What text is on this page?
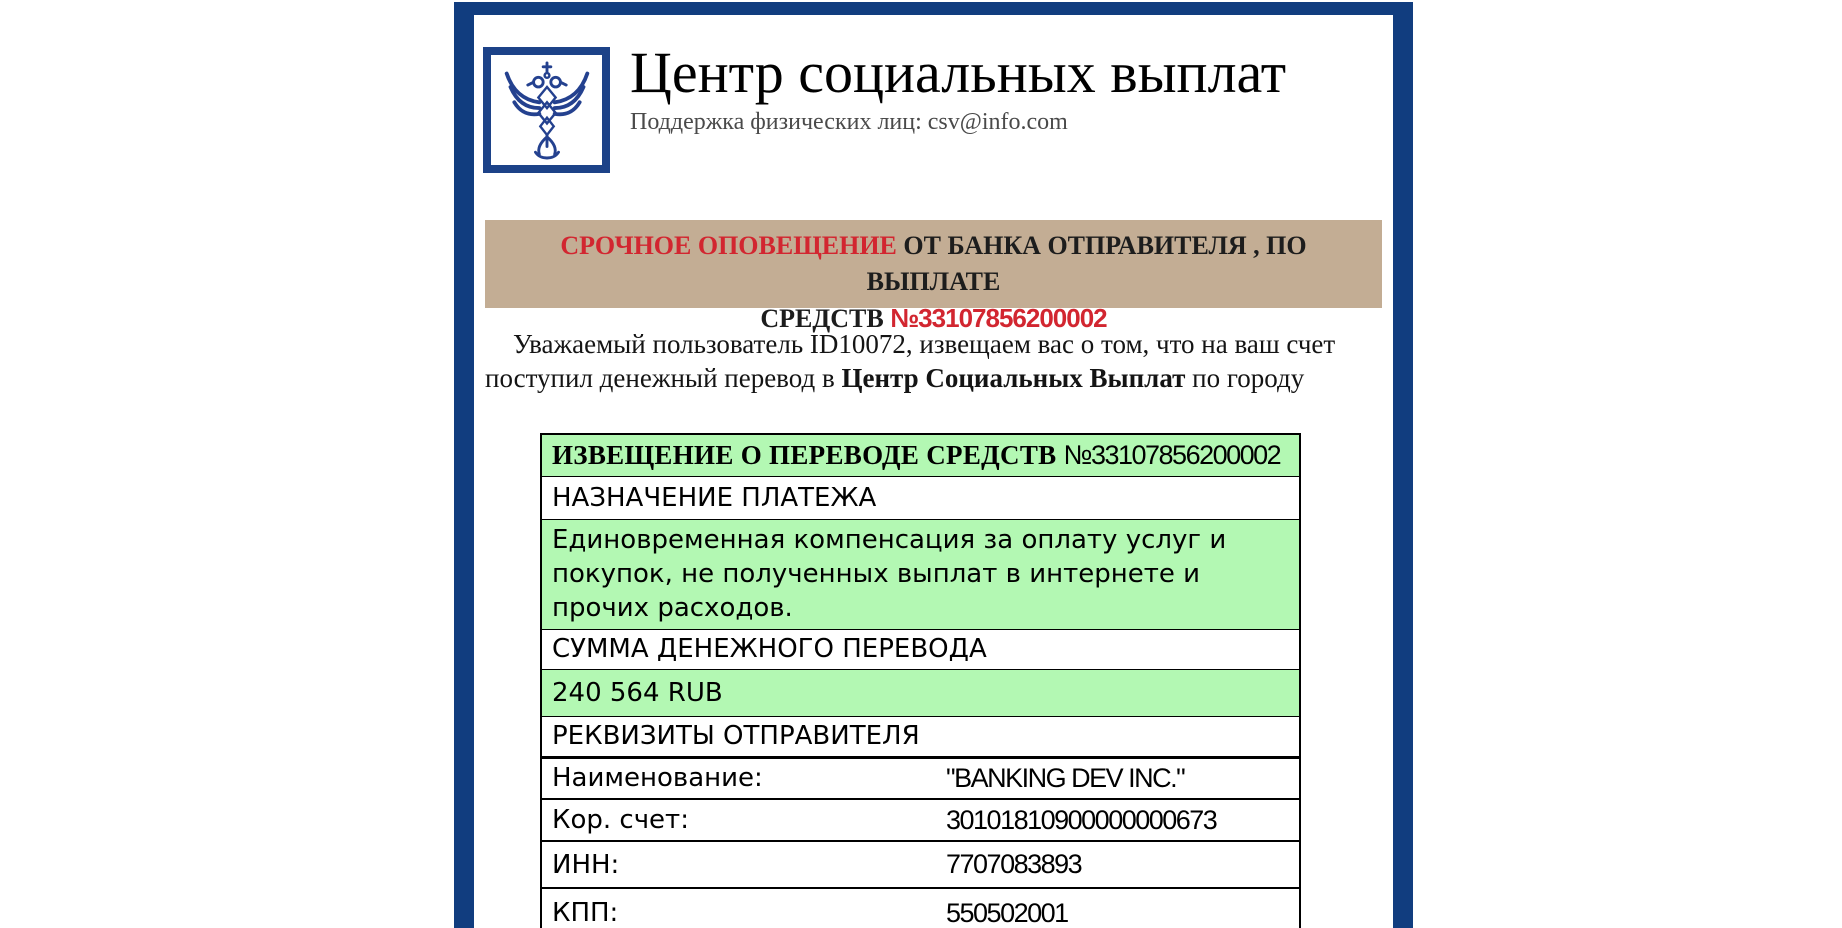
Центр социальных выплат
Поддержка физических лиц: csv@info.com
СРОЧНОЕ ОПОВЕЩЕНИЕ ОТ БАНКА ОТПРАВИТЕЛЯ , ПО ВЫПЛАТЕ
СРЕДСТВ №33107856200002
Уважаемый пользователь ID10072, извещаем вас о том, что на ваш счет
поступил денежный перевод в Центр Социальных Выплат по городу
ИЗВЕЩЕНИЕ О ПЕРЕВОДЕ СРЕДСТВ №33107856200002	
НАЗНАЧЕНИЕ ПЛАТЕЖА	
Единовременная компенсация за оплату услуг и покупок, не полученных выплат в интернете и прочих расходов.	
СУММА ДЕНЕЖНОГО ПЕРЕВОДА	
240 564 RUB	
РЕКВИЗИТЫ ОТПРАВИТЕЛЯ	
Наименование:	"BANKING DEV INC."
Кор. счет:	30101810900000000673
ИНН:	7707083893
КПП:	550502001
